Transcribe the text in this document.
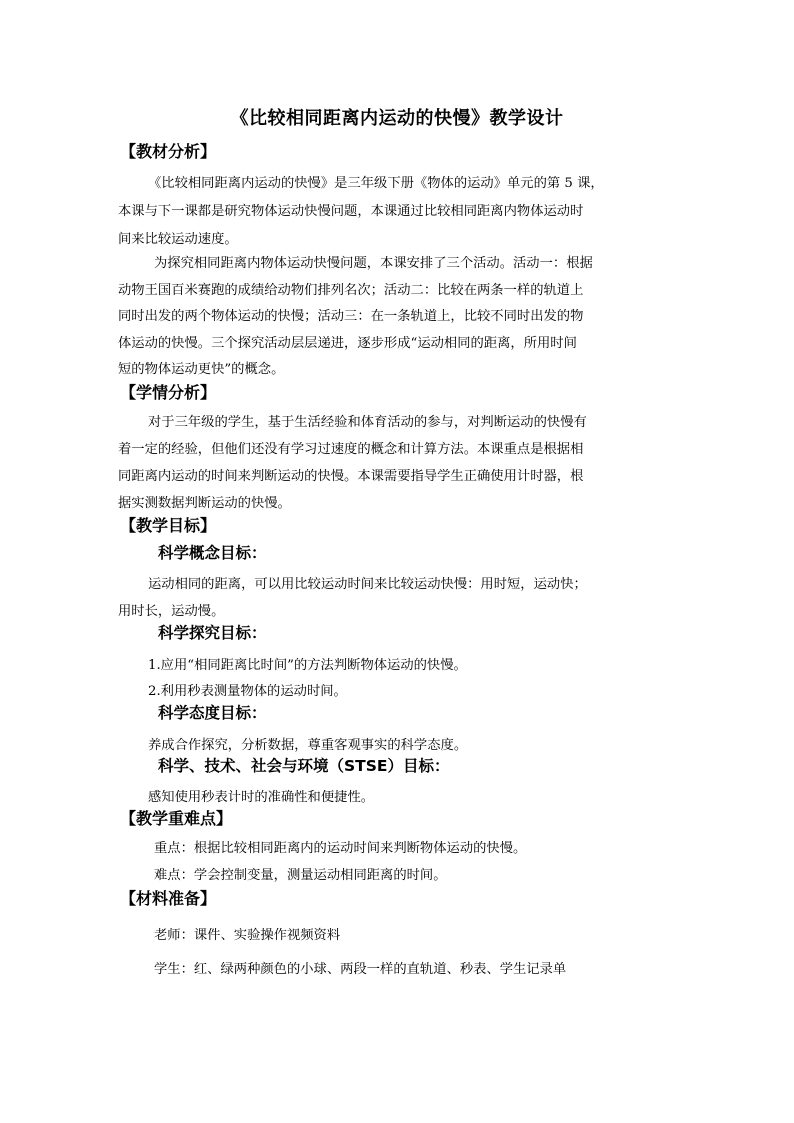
《比较相同距离内运动的快慢》教学设计
【教材分析】
《比较相同距离内运动的快慢》是三年级下册《物体的运动》单元的第 5 课，
本课与下一课都是研究物体运动快慢问题，本课通过比较相同距离内物体运动时
间来比较运动速度。
为探究相同距离内物体运动快慢问题，本课安排了三个活动。活动一：根据
动物王国百米赛跑的成绩给动物们排列名次；活动二：比较在两条一样的轨道上
同时出发的两个物体运动的快慢；活动三：在一条轨道上，比较不同时出发的物
体运动的快慢。三个探究活动层层递进，逐步形成“运动相同的距离，所用时间
短的物体运动更快”的概念。
【学情分析】
对于三年级的学生，基于生活经验和体育活动的参与，对判断运动的快慢有
着一定的经验，但他们还没有学习过速度的概念和计算方法。本课重点是根据相
同距离内运动的时间来判断运动的快慢。本课需要指导学生正确使用计时器，根
据实测数据判断运动的快慢。
【教学目标】
科学概念目标：
运动相同的距离，可以用比较运动时间来比较运动快慢：用时短，运动快；
用时长，运动慢。
科学探究目标：
1.应用“相同距离比时间”的方法判断物体运动的快慢。
2.利用秒表测量物体的运动时间。
科学态度目标：
养成合作探究，分析数据，尊重客观事实的科学态度。
科学、技术、社会与环境（STSE）目标：
感知使用秒表计时的准确性和便捷性。
【教学重难点】
重点：根据比较相同距离内的运动时间来判断物体运动的快慢。
难点：学会控制变量，测量运动相同距离的时间。
【材料准备】
老师：课件、实验操作视频资料
学生：红、绿两种颜色的小球、两段一样的直轨道、秒表、学生记录单
